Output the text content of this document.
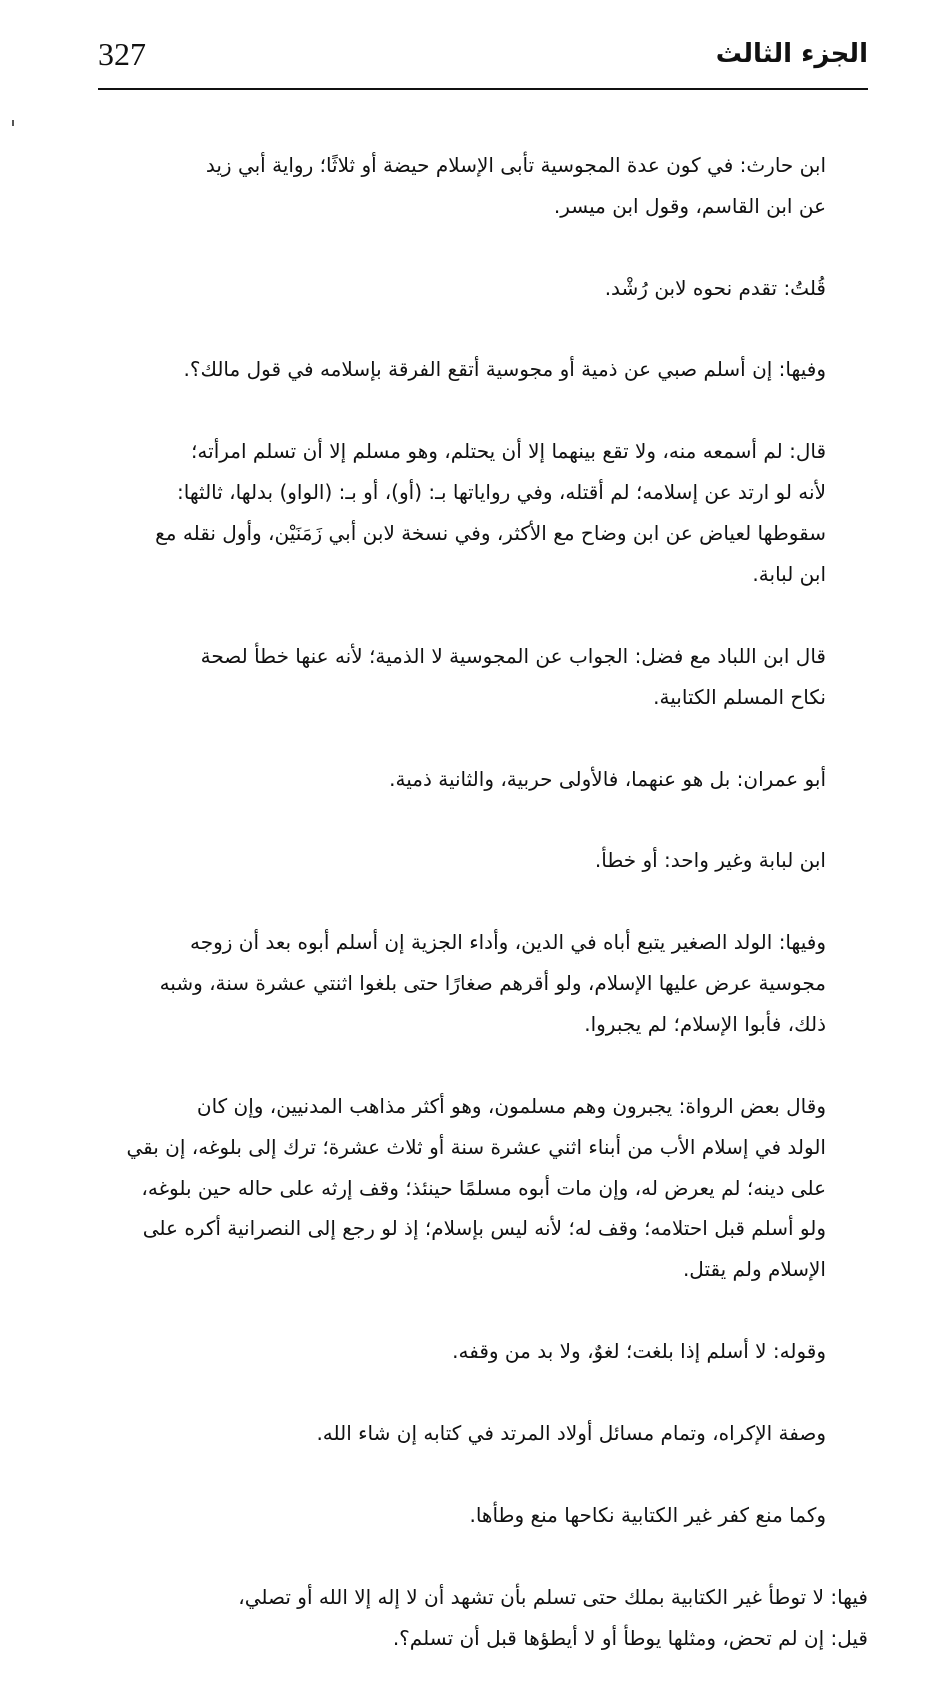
327	الجزء الثالث

ابن حارث: في كون عدة المجوسية تأبى الإسلام حيضة أو ثلاثًا؛ رواية أبي زيد
عن ابن القاسم، وقول ابن ميسر.

قُلتُ: تقدم نحوه لابن رُشْد.

وفيها: إن أسلم صبي عن ذمية أو مجوسية أتقع الفرقة بإسلامه في قول مالك؟.

قال: لم أسمعه منه، ولا تقع بينهما إلا أن يحتلم، وهو مسلم إلا أن تسلم امرأته؛
لأنه لو ارتد عن إسلامه؛ لم أقتله، وفي رواياتها بـ: (أو)، أو بـ: (الواو) بدلها، ثالثها:
سقوطها لعياض عن ابن وضاح مع الأكثر، وفي نسخة لابن أبي زَمَنَيْن، وأول نقله مع
ابن لبابة.

قال ابن اللباد مع فضل: الجواب عن المجوسية لا الذمية؛ لأنه عنها خطأ لصحة
نكاح المسلم الكتابية.

أبو عمران: بل هو عنهما، فالأولى حربية، والثانية ذمية.

ابن لبابة وغير واحد: أو خطأ.

وفيها: الولد الصغير يتبع أباه في الدين، وأداء الجزية إن أسلم أبوه بعد أن زوجه
مجوسية عرض عليها الإسلام، ولو أقرهم صغارًا حتى بلغوا اثنتي عشرة سنة، وشبه
ذلك، فأبوا الإسلام؛ لم يجبروا.

وقال بعض الرواة: يجبرون وهم مسلمون، وهو أكثر مذاهب المدنيين، وإن كان
الولد في إسلام الأب من أبناء اثني عشرة سنة أو ثلاث عشرة؛ ترك إلى بلوغه، إن بقي
على دينه؛ لم يعرض له، وإن مات أبوه مسلمًا حينئذ؛ وقف إرثه على حاله حين بلوغه،
ولو أسلم قبل احتلامه؛ وقف له؛ لأنه ليس بإسلام؛ إذ لو رجع إلى النصرانية أكره على
الإسلام ولم يقتل.

وقوله: لا أسلم إذا بلغت؛ لغوٌ، ولا بد من وقفه.

وصفة الإكراه، وتمام مسائل أولاد المرتد في كتابه إن شاء الله.

وكما منع كفر غير الكتابية نكاحها منع وطأها.

فيها: لا توطأ غير الكتابية بملك حتى تسلم بأن تشهد أن لا إله إلا الله أو تصلي،
قيل: إن لم تحض، ومثلها يوطأ أو لا أيطؤها قبل أن تسلم؟.
